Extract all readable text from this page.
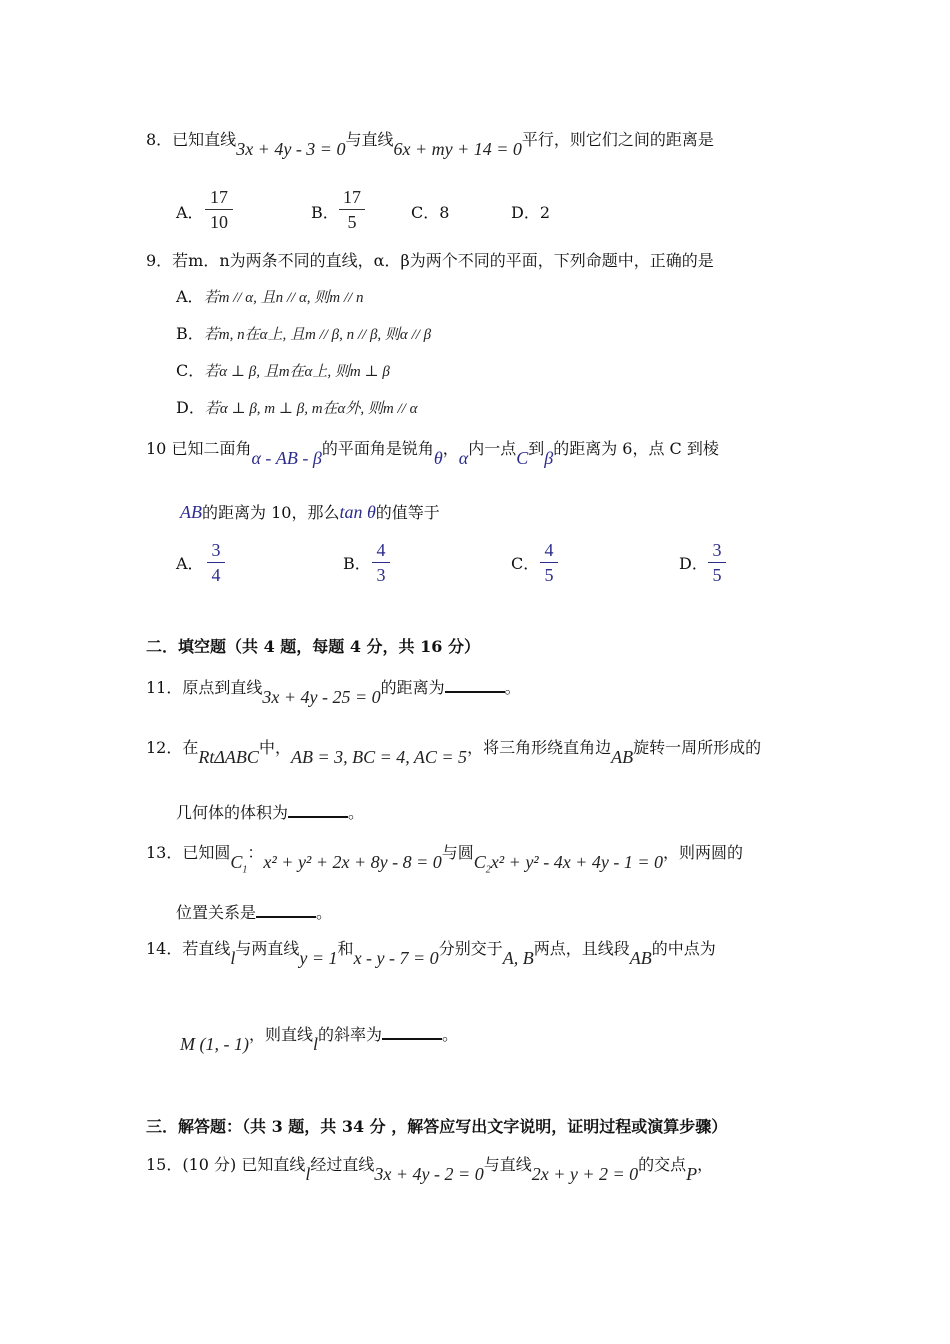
8．已知直线3x + 4y - 3 = 0与直线6x + my + 14 = 0平行，则它们之间的距离是
A．
17
10	B．
17
5	C．8	D．2
9．若m．n为两条不同的直线，α．β为两个不同的平面，下列命题中，正确的是
A．若m // α, 且n // α, 则m // n
B．若m, n在α上, 且m // β, n // β, 则α // β
C．若α ⊥ β, 且m在α上, 则m ⊥ β
D．若α ⊥ β, m ⊥ β, m在α外, 则m // α
10 已知二面角α - AB - β的平面角是锐角θ，α内一点C到β的距离为 6，点 C 到棱
AB的距离为 10，那么tan θ的值等于
A．
3
4
B．
4
3
C．
4
5
D．
3
5
二．填空题（共 4 题，每题 4 分，共 16 分）
11．原点到直线3x + 4y - 25 = 0的距离为	。
12．在RtΔABC中，AB = 3, BC = 4, AC = 5，将三角形绕直角边AB旋转一周所形成的
几何体的体积为	。
13．已知圆$C_1$：x² + y² + 2x + 8y - 8 = 0与圆$C_2x^2 + y^2 - 4x + 4y - 1 = 0$，则两圆的
位置关系是	。
14．若直线l与两直线y = 1和x - y - 7 = 0分别交于A, B两点，且线段AB的中点为
M (1, - 1)，则直线l的斜率为	。
三．解答题：（共 3 题，共 34 分 ，解答应写出文字说明，证明过程或演算步骤）
15．(10 分) 已知直线l经过直线3x + 4y - 2 = 0与直线2x + y + 2 = 0的交点P，
